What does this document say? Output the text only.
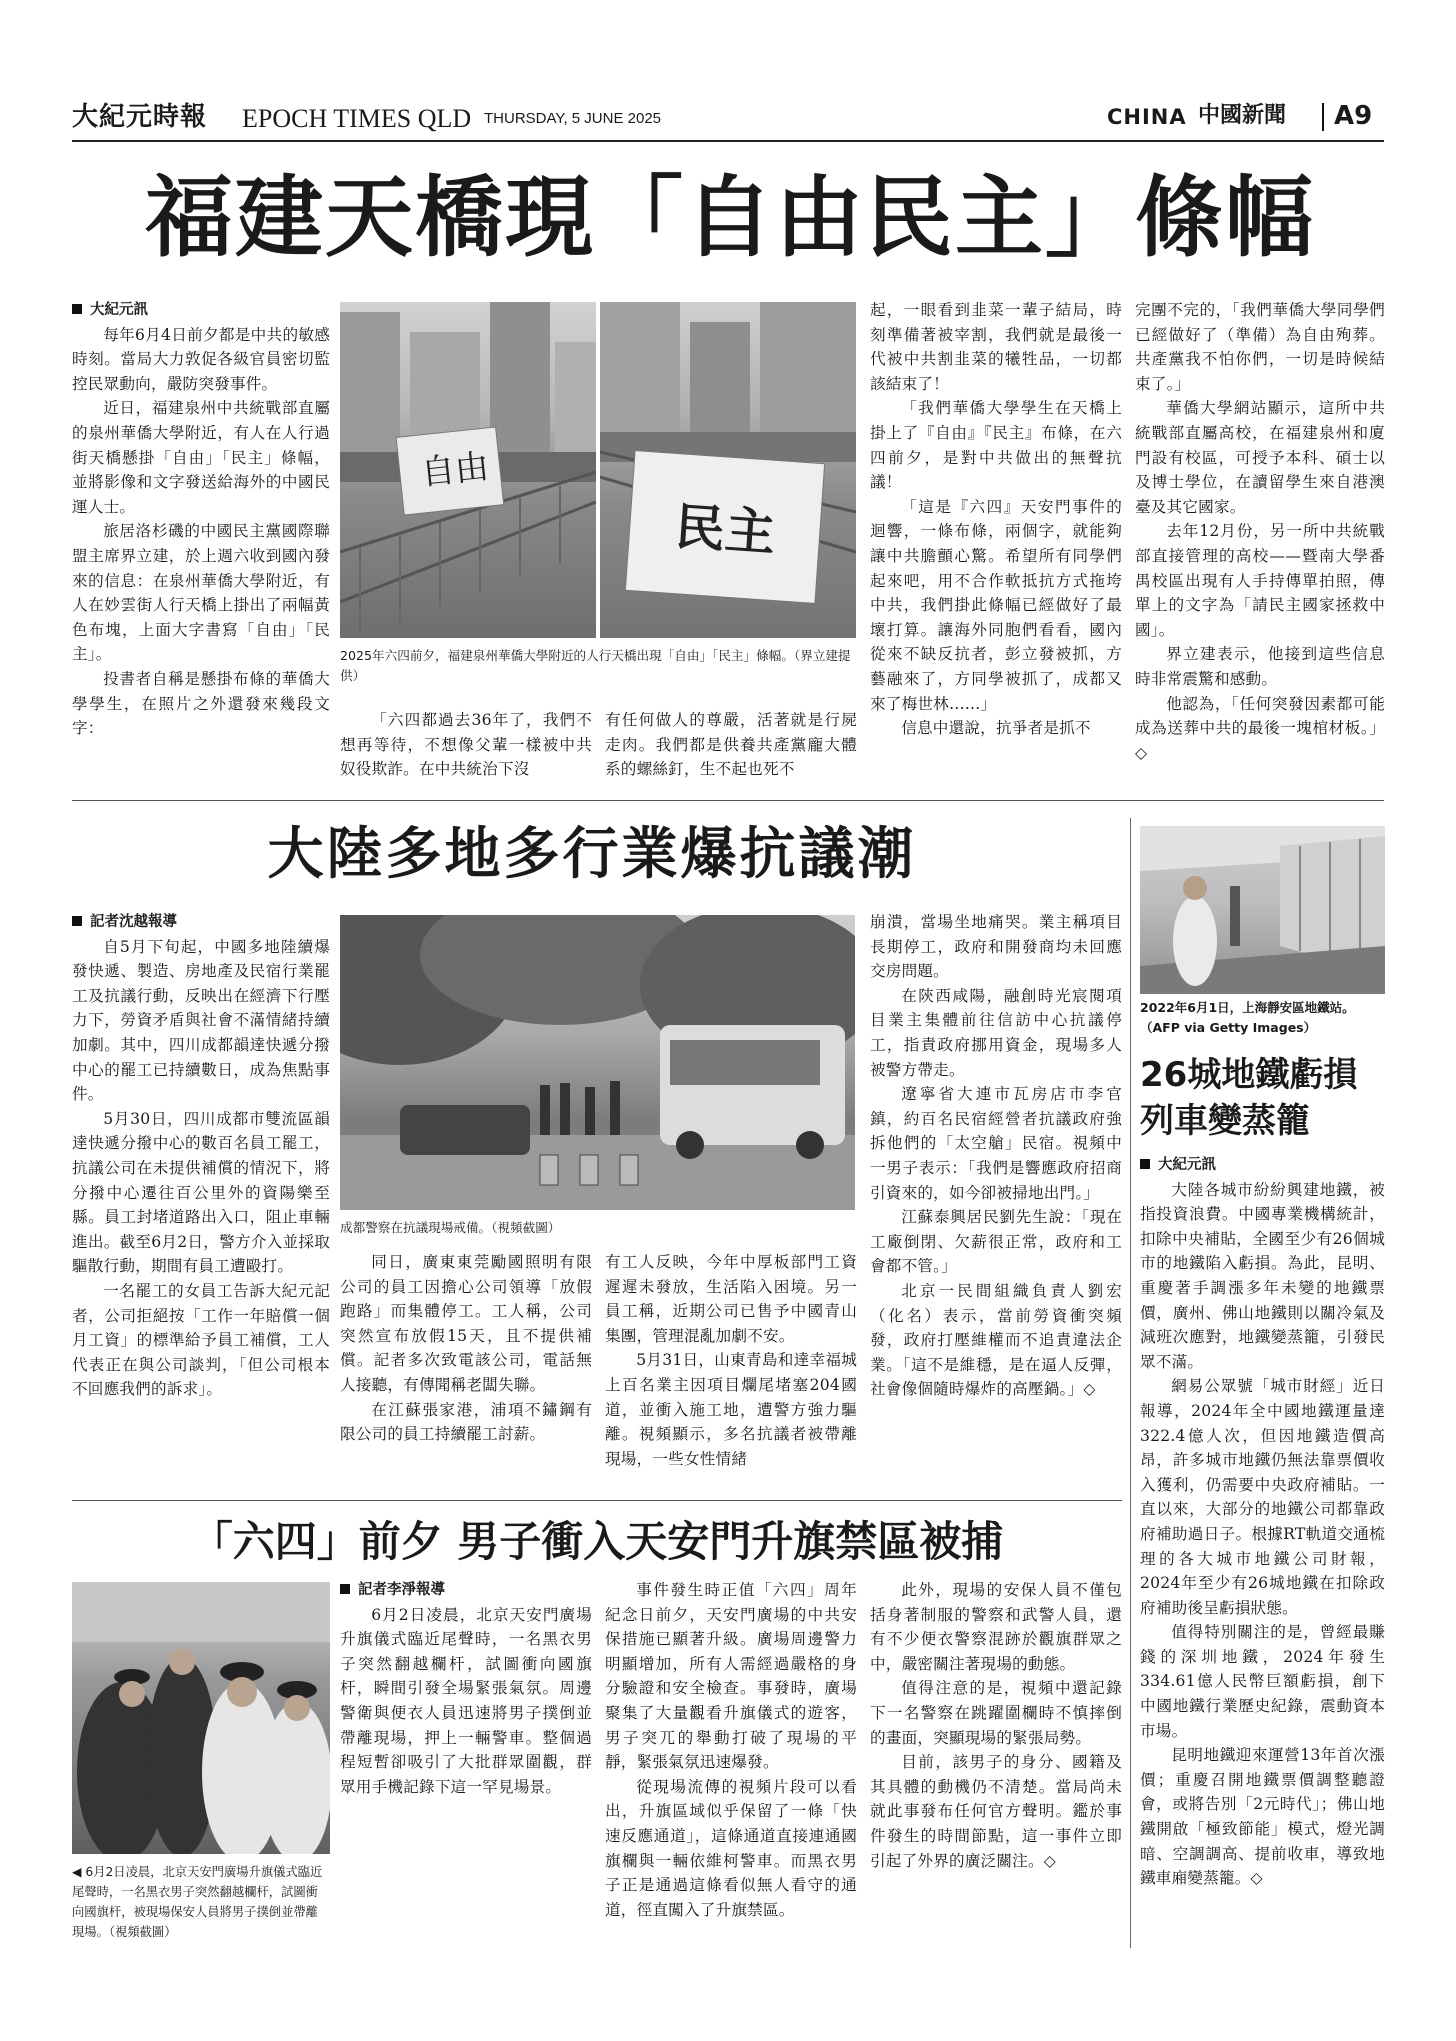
大紀元時報 EPOCH TIMES QLD THURSDAY, 5 JUNE 2025	CHINA 中國新聞 A9
福建天橋現「自由民主」條幅
大紀元訊

每年6月4日前夕都是中共的敏感時刻。當局大力敦促各級官員密切監控民眾動向，嚴防突發事件。

近日，福建泉州中共統戰部直屬的泉州華僑大學附近，有人在人行過街天橋懸掛「自由」「民主」條幅，並將影像和文字發送給海外的中國民運人士。

旅居洛杉磯的中國民主黨國際聯盟主席界立建，於上週六收到國內發來的信息：在泉州華僑大學附近，有人在妙雲街人行天橋上掛出了兩幅黃色布塊，上面大字書寫「自由」「民主」。

投書者自稱是懸掛布條的華僑大學學生，在照片之外還發來幾段文字：

自由
民主
2025年六四前夕，福建泉州華僑大學附近的人行天橋出現「自由」「民主」條幅。（界立建提供）

「六四都過去36年了，我們不想再等待，不想像父輩一樣被中共奴役欺詐。在中共統治下沒

有任何做人的尊嚴，活著就是行屍走肉。我們都是供養共產黨龐大體系的螺絲釘，生不起也死不

起，一眼看到韭菜一輩子結局，時刻準備著被宰割，我們就是最後一代被中共割韭菜的犧牲品，一切都該結束了！

「我們華僑大學學生在天橋上掛上了『自由』『民主』布條，在六四前夕，是對中共做出的無聲抗議！

「這是『六四』天安門事件的迴響，一條布條，兩個字，就能夠讓中共膽顫心驚。希望所有同學們起來吧，用不合作軟抵抗方式拖垮中共，我們掛此條幅已經做好了最壞打算。讓海外同胞們看看，國內從來不缺反抗者，彭立發被抓，方藝融來了，方同學被抓了，成都又來了梅世林……」

信息中還說，抗爭者是抓不

完團不完的，「我們華僑大學同學們已經做好了（準備）為自由殉葬。共產黨我不怕你們，一切是時候結束了。」

華僑大學網站顯示，這所中共統戰部直屬高校，在福建泉州和廈門設有校區，可授予本科、碩士以及博士學位，在讀留學生來自港澳臺及其它國家。

去年12月份，另一所中共統戰部直接管理的高校——暨南大學番禺校區出現有人手持傳單拍照，傳單上的文字為「請民主國家拯救中國」。

界立建表示，他接到這些信息時非常震驚和感動。

他認為，「任何突發因素都可能成為送葬中共的最後一塊棺材板。」◇

大陸多地多行業爆抗議潮
記者沈越報導

自5月下旬起，中國多地陸續爆發快遞、製造、房地產及民宿行業罷工及抗議行動，反映出在經濟下行壓力下，勞資矛盾與社會不滿情緒持續加劇。其中，四川成都韻達快遞分撥中心的罷工已持續數日，成為焦點事件。

5月30日，四川成都市雙流區韻達快遞分撥中心的數百名員工罷工，抗議公司在未提供補償的情況下，將分撥中心遷往百公里外的資陽樂至縣。員工封堵道路出入口，阻止車輛進出。截至6月2日，警方介入並採取驅散行動，期間有員工遭毆打。

一名罷工的女員工告訴大紀元記者，公司拒絕按「工作一年賠償一個月工資」的標準給予員工補償，工人代表正在與公司談判，「但公司根本不回應我們的訴求」。

成都警察在抗議現場戒備。（視頻截圖）

同日，廣東東莞勵國照明有限公司的員工因擔心公司領導「放假跑路」而集體停工。工人稱，公司突然宣布放假15天，且不提供補償。記者多次致電該公司，電話無人接聽，有傳聞稱老闆失聯。

在江蘇張家港，浦項不鏽鋼有限公司的員工持續罷工討薪。

有工人反映，今年中厚板部門工資遲遲未發放，生活陷入困境。另一員工稱，近期公司已售予中國青山集團，管理混亂加劇不安。

5月31日，山東青島和達幸福城上百名業主因項目爛尾堵塞204國道，並衝入施工地，遭警方強力驅離。視頻顯示，多名抗議者被帶離現場，一些女性情緒

崩潰，當場坐地痛哭。業主稱項目長期停工，政府和開發商均未回應交房問題。

在陝西咸陽，融創時光宸閱項目業主集體前往信訪中心抗議停工，指責政府挪用資金，現場多人被警方帶走。

遼寧省大連市瓦房店市李官鎮，約百名民宿經營者抗議政府強拆他們的「太空艙」民宿。視頻中一男子表示：「我們是響應政府招商引資來的，如今卻被掃地出門。」

江蘇泰興居民劉先生說：「現在工廠倒閉、欠薪很正常，政府和工會都不管。」

北京一民間組織負責人劉宏（化名）表示，當前勞資衝突頻發，政府打壓維權而不追責違法企業。「這不是維穩，是在逼人反彈，社會像個隨時爆炸的高壓鍋。」◇

「六四」前夕 男子衝入天安門升旗禁區被捕
◀ 6月2日凌晨，北京天安門廣場升旗儀式臨近尾聲時，一名黑衣男子突然翻越欄杆，試圖衝向國旗杆，被現場保安人員將男子撲倒並帶離現場。（視頻截圖）
記者李淨報導

6月2日凌晨，北京天安門廣場升旗儀式臨近尾聲時，一名黑衣男子突然翻越欄杆，試圖衝向國旗杆，瞬間引發全場緊張氣氛。周邊警衛與便衣人員迅速將男子撲倒並帶離現場，押上一輛警車。整個過程短暫卻吸引了大批群眾圍觀，群眾用手機記錄下這一罕見場景。

事件發生時正值「六四」周年紀念日前夕，天安門廣場的中共安保措施已顯著升級。廣場周邊警力明顯增加，所有人需經過嚴格的身分驗證和安全檢查。事發時，廣場聚集了大量觀看升旗儀式的遊客，男子突兀的舉動打破了現場的平靜，緊張氣氛迅速爆發。

從現場流傳的視頻片段可以看出，升旗區域似乎保留了一條「快速反應通道」，這條通道直接連通國旗欄與一輛依維柯警車。而黑衣男子正是通過這條看似無人看守的通道，徑直闖入了升旗禁區。

此外，現場的安保人員不僅包括身著制服的警察和武警人員，還有不少便衣警察混跡於觀旗群眾之中，嚴密關注著現場的動態。

值得注意的是，視頻中還記錄下一名警察在跳躍圍欄時不慎摔倒的畫面，突顯現場的緊張局勢。

目前，該男子的身分、國籍及其具體的動機仍不清楚。當局尚未就此事發布任何官方聲明。鑑於事件發生的時間節點，這一事件立即引起了外界的廣泛關注。◇

2022年6月1日，上海靜安區地鐵站。（AFP via Getty Images）
26城地鐵虧損
列車變蒸籠
大紀元訊

大陸各城市紛紛興建地鐵，被指投資浪費。中國專業機構統計，扣除中央補貼，全國至少有26個城市的地鐵陷入虧損。為此，昆明、重慶著手調漲多年未變的地鐵票價，廣州、佛山地鐵則以關冷氣及減班次應對，地鐵變蒸籠，引發民眾不滿。

網易公眾號「城市財經」近日報導，2024年全中國地鐵運量達322.4億人次，但因地鐵造價高昂，許多城市地鐵仍無法靠票價收入獲利，仍需要中央政府補貼。一直以來，大部分的地鐵公司都靠政府補助過日子。根據RT軌道交通梳理的各大城市地鐵公司財報，2024年至少有26城地鐵在扣除政府補助後呈虧損狀態。

值得特別關注的是，曾經最賺錢的深圳地鐵，2024年發生334.61億人民幣巨額虧損，創下中國地鐵行業歷史紀錄，震動資本市場。

昆明地鐵迎來運營13年首次漲價；重慶召開地鐵票價調整聽證會，或將告別「2元時代」；佛山地鐵開啟「極致節能」模式，燈光調暗、空調調高、提前收車，導致地鐵車廂變蒸籠。◇
